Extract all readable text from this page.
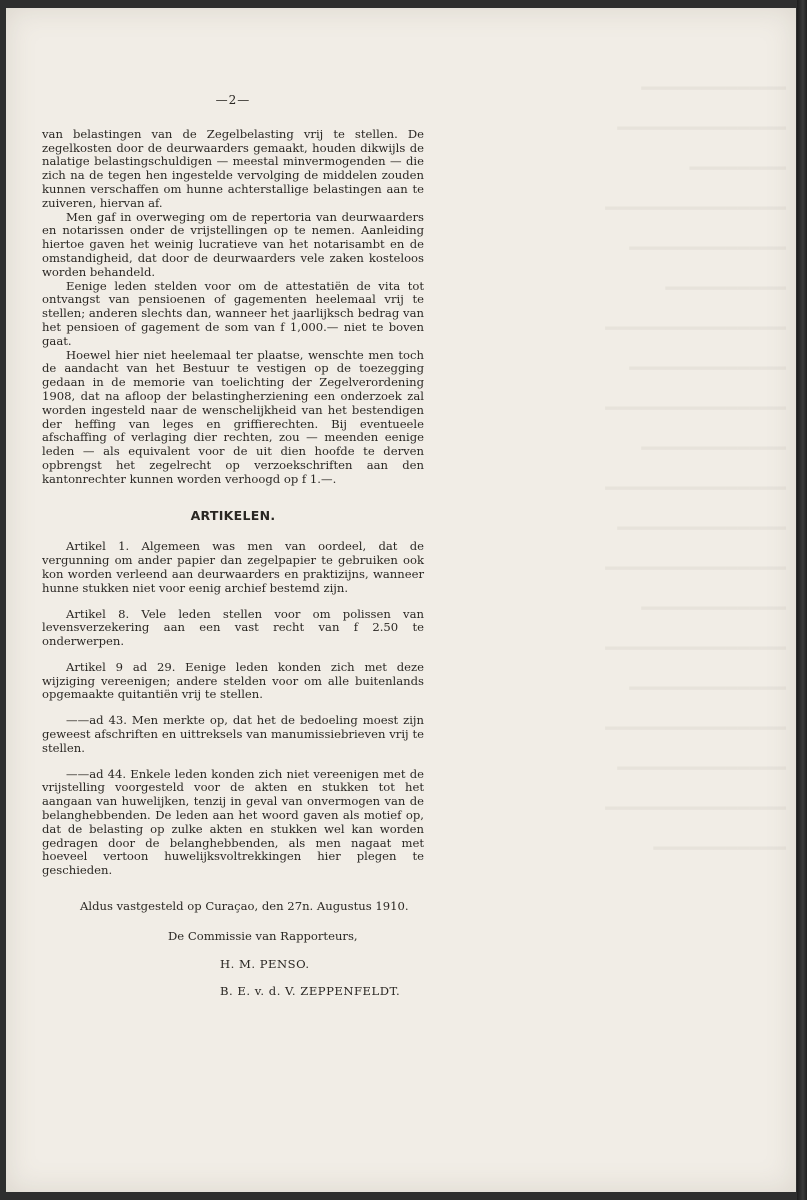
━━━━━━━━━━━━
━━━━━━━━━━━━━━
━━━━━━━━
━━━━━━━━━━━━━━━
━━━━━━━━━━━━━
━━━━━━━━━━
━━━━━━━━━━━━━━━
━━━━━━━━━━━━━
━━━━━━━━━━━━━━━
━━━━━━━━━━━━
━━━━━━━━━━━━━━━
━━━━━━━━━━━━━━
━━━━━━━━━━━━━━━
━━━━━━━━━━━━
━━━━━━━━━━━━━━━
━━━━━━━━━━━━━
━━━━━━━━━━━━━━━
━━━━━━━━━━━━━━
━━━━━━━━━━━━━━━
━━━━━━━━━━━
—2—

van belastingen van de Zegelbelasting vrij te stellen. De zegelkosten door de deurwaarders gemaakt, houden dikwijls de nalatige belastingschuldigen — meestal minvermogenden — die zich na de tegen hen ingestelde vervolging de middelen zouden kunnen verschaffen om hunne achterstallige belastingen aan te zuiveren, hiervan af.

Men gaf in overweging om de repertoria van deurwaarders en notarissen onder de vrijstellingen op te nemen. Aanleiding hiertoe gaven het weinig lucratieve van het notarisambt en de omstandigheid, dat door de deurwaarders vele zaken kosteloos worden behandeld.

Eenige leden stelden voor om de attestatiën de vita tot ontvangst van pensioenen of gagementen heelemaal vrij te stellen; anderen slechts dan, wanneer het jaarlijksch bedrag van het pensioen of gagement de som van f 1,000.— niet te boven gaat.

Hoewel hier niet heelemaal ter plaatse, wenschte men toch de aandacht van het Bestuur te vestigen op de toezegging gedaan in de memorie van toelichting der Zegelverordening 1908, dat na afloop der belastingherziening een onderzoek zal worden ingesteld naar de wenschelijkheid van het bestendigen der heffing van leges en griffierechten. Bij eventueele afschaffing of verlaging dier rechten, zou — meenden eenige leden — als equivalent voor de uit dien hoofde te derven opbrengst het zegelrecht op verzoekschriften aan den kantonrechter kunnen worden verhoogd op f 1.—.

ARTIKELEN.

Artikel 1. Algemeen was men van oordeel, dat de vergunning om ander papier dan zegelpapier te gebruiken ook kon worden verleend aan deurwaarders en praktizijns, wanneer hunne stukken niet voor eenig archief bestemd zijn.

Artikel 8. Vele leden stellen voor om polissen van levensverzekering aan een vast recht van f 2.50 te onderwerpen.

Artikel 9 ad 29. Eenige leden konden zich met deze wijziging vereenigen; andere stelden voor om alle buitenlands opgemaakte quitantiën vrij te stellen.

——ad 43. Men merkte op, dat het de bedoeling moest zijn geweest afschriften en uittreksels van manumissiebrieven vrij te stellen.

——ad 44. Enkele leden konden zich niet vereenigen met de vrijstelling voorgesteld voor de akten en stukken tot het aangaan van huwelijken, tenzij in geval van onvermogen van de belanghebbenden. De leden aan het woord gaven als motief op, dat de belasting op zulke akten en stukken wel kan worden gedragen door de belanghebbenden, als men nagaat met hoeveel vertoon huwelijksvoltrekkingen hier plegen te geschieden.

Aldus vastgesteld op Curaçao, den 27n. Augustus 1910.

De Commissie van Rapporteurs,

H. M. PENSO.

B. E. v. d. V. ZEPPENFELDT.
